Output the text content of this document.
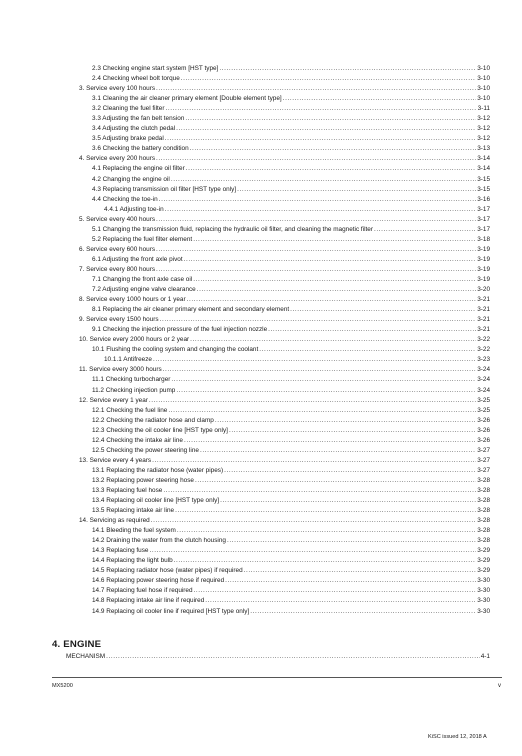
2.3 Checking engine start system [HST type] .....	3-10
2.4 Checking wheel bolt torque .....	3-10
3. Service every 100 hours .....	3-10
3.1 Cleaning the air cleaner primary element [Double element type] .....	3-10
3.2 Cleaning the fuel filter .....	3-11
3.3 Adjusting the fan belt tension .....	3-12
3.4 Adjusting the clutch pedal .....	3-12
3.5 Adjusting brake pedal .....	3-12
3.6 Checking the battery condition .....	3-13
4. Service every 200 hours .....	3-14
4.1 Replacing the engine oil filter .....	3-14
4.2 Changing the engine oil .....	3-15
4.3 Replacing transmission oil filter [HST type only] .....	3-15
4.4 Checking the toe-in .....	3-16
4.4.1 Adjusting toe-in .....	3-17
5. Service every 400 hours .....	3-17
5.1 Changing the transmission fluid, replacing the hydraulic oil filter, and cleaning the magnetic filter .....	3-17
5.2 Replacing the fuel filter element .....	3-18
6. Service every 600 hours .....	3-19
6.1 Adjusting the front axle pivot .....	3-19
7. Service every 800 hours .....	3-19
7.1 Changing the front axle case oil .....	3-19
7.2 Adjusting engine valve clearance .....	3-20
8. Service every 1000 hours or 1 year .....	3-21
8.1 Replacing the air cleaner primary element and secondary element .....	3-21
9. Service every 1500 hours .....	3-21
9.1 Checking the injection pressure of the fuel injection nozzle .....	3-21
10. Service every 2000 hours or 2 year .....	3-22
10.1 Flushing the cooling system and changing the coolant .....	3-22
10.1.1 Antifreeze .....	3-23
11. Service every 3000 hours .....	3-24
11.1 Checking turbocharger .....	3-24
11.2 Checking injection pump .....	3-24
12. Service every 1 year .....	3-25
12.1 Checking the fuel line .....	3-25
12.2 Checking the radiator hose and clamp .....	3-26
12.3 Checking the oil cooler line [HST type only] .....	3-26
12.4 Checking the intake air line .....	3-26
12.5 Checking the power steering line .....	3-27
13. Service every 4 years .....	3-27
13.1 Replacing the radiator hose (water pipes) .....	3-27
13.2 Replacing power steering hose .....	3-28
13.3 Replacing fuel hose .....	3-28
13.4 Replacing oil cooler line [HST type only] .....	3-28
13.5 Replacing intake air line .....	3-28
14. Servicing as required .....	3-28
14.1 Bleeding the fuel system .....	3-28
14.2 Draining the water from the clutch housing .....	3-28
14.3 Replacing fuse .....	3-29
14.4 Replacing the light bulb .....	3-29
14.5 Replacing radiator hose (water pipes) if required .....	3-29
14.6 Replacing power steering hose if required .....	3-30
14.7 Replacing fuel hose if required .....	3-30
14.8 Replacing intake air line if required .....	3-30
14.9 Replacing oil cooler line if required [HST type only] .....	3-30
4. ENGINE
MECHANISM .....	4-1
MX5200	v
KiSC issued 12, 2018 A
